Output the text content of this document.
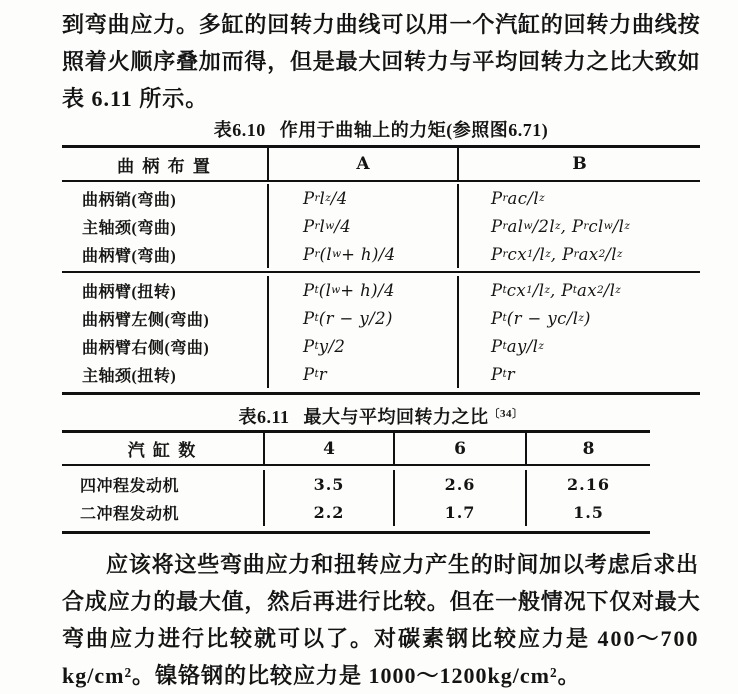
到弯曲应力。多缸的回转力曲线可以用一个汽缸的回转力曲线按
照着火顺序叠加而得，但是最大回转力与平均回转力之比大致如
表 6.11 所示。
表6.10 作用于曲轴上的力矩(参照图6.71)
曲 柄 布 置	A	B
曲柄销(弯曲)	P r l z /4	P r ac/l z
主轴颈(弯曲)	P r l w /4	P r al w /2l z , P r cl w /l z
曲柄臂(弯曲)	P r (l w + h)/4	P r cx 1 /l z , P r ax 2 /l z
曲柄臂(扭转)	P t (l w + h)/4	P t cx 1 /l z , P t ax 2 /l z
曲柄臂左侧(弯曲)	P t (r − y/2)	P t (r − yc/l z )
曲柄臂右侧(弯曲)	P t y/2	P t ay/l z
主轴颈(扭转)	P t r	P t r
表6.11 最大与平均回转力之比$^{〔34〕}$
汽 缸 数	4	6	8
四冲程发动机	3.5	2.6	2.16
二冲程发动机	2.2	1.7	1.5
应该将这些弯曲应力和扭转应力产生的时间加以考虑后求出
合成应力的最大值，然后再进行比较。但在一般情况下仅对最大
弯曲应力进行比较就可以了。对碳素钢比较应力是 400～700
kg/cm²。镍铬钢的比较应力是 1000～1200kg/cm²。
